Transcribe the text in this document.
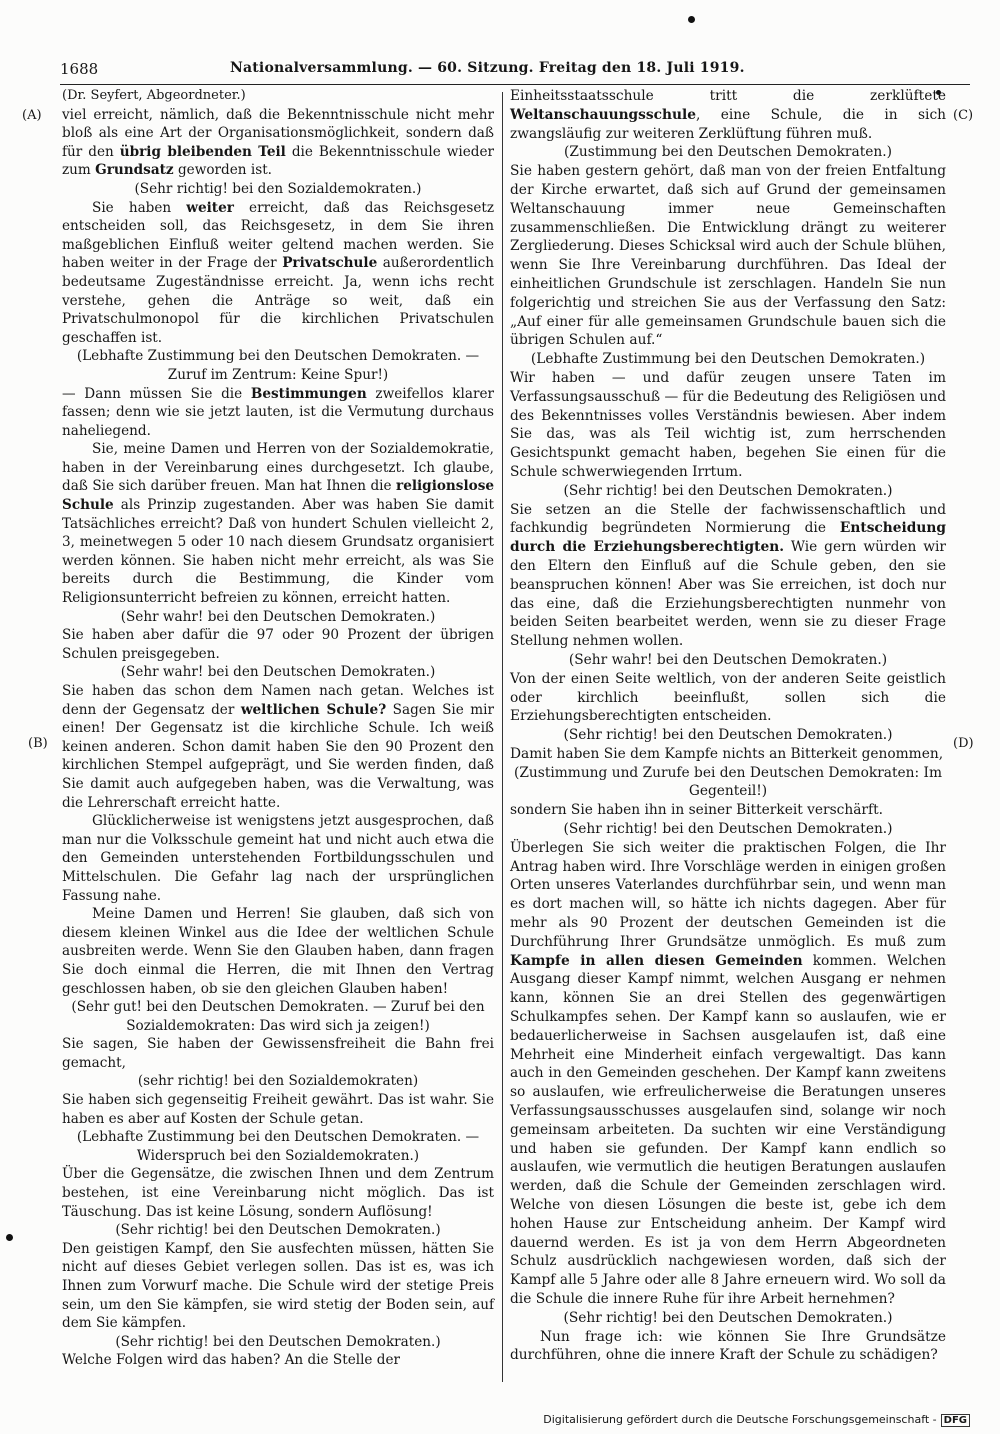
1688	Nationalversammlung. — 60. Sitzung. Freitag den 18. Juli 1919.
(A)
(B)
(C)
(D)

(Dr. Seyfert, Abgeordneter.)

viel erreicht, nämlich, daß die Bekenntnisschule nicht mehr bloß als eine Art der Organisationsmöglichkeit, sondern daß für den übrig bleibenden Teil die Bekenntnisschule wieder zum Grundsatz geworden ist.

(Sehr richtig! bei den Sozialdemokraten.)

Sie haben weiter erreicht, daß das Reichsgesetz entscheiden soll, das Reichsgesetz, in dem Sie ihren maßgeblichen Einfluß weiter geltend machen werden. Sie haben weiter in der Frage der Privatschule außerordentlich bedeutsame Zugeständnisse erreicht. Ja, wenn ichs recht verstehe, gehen die Anträge so weit, daß ein Privatschulmonopol für die kirchlichen Privatschulen geschaffen ist.

(Lebhafte Zustimmung bei den Deutschen Demokraten. — Zuruf im Zentrum: Keine Spur!)

— Dann müssen Sie die Bestimmungen zweifellos klarer fassen; denn wie sie jetzt lauten, ist die Vermutung durchaus naheliegend.

Sie, meine Damen und Herren von der Sozialdemokratie, haben in der Vereinbarung eines durchgesetzt. Ich glaube, daß Sie sich darüber freuen. Man hat Ihnen die religionslose Schule als Prinzip zugestanden. Aber was haben Sie damit Tatsächliches erreicht? Daß von hundert Schulen vielleicht 2, 3, meinetwegen 5 oder 10 nach diesem Grundsatz organisiert werden können. Sie haben nicht mehr erreicht, als was Sie bereits durch die Bestimmung, die Kinder vom Religionsunterricht befreien zu können, erreicht hatten.

(Sehr wahr! bei den Deutschen Demokraten.)

Sie haben aber dafür die 97 oder 90 Prozent der übrigen Schulen preisgegeben.

(Sehr wahr! bei den Deutschen Demokraten.)

Sie haben das schon dem Namen nach getan. Welches ist denn der Gegensatz der weltlichen Schule? Sagen Sie mir einen! Der Gegensatz ist die kirchliche Schule. Ich weiß keinen anderen. Schon damit haben Sie den 90 Prozent den kirchlichen Stempel aufgeprägt, und Sie werden finden, daß Sie damit auch aufgegeben haben, was die Verwaltung, was die Lehrerschaft erreicht hatte.

Glücklicherweise ist wenigstens jetzt ausgesprochen, daß man nur die Volksschule gemeint hat und nicht auch etwa die den Gemeinden unterstehenden Fortbildungsschulen und Mittelschulen. Die Gefahr lag nach der ursprünglichen Fassung nahe.

Meine Damen und Herren! Sie glauben, daß sich von diesem kleinen Winkel aus die Idee der weltlichen Schule ausbreiten werde. Wenn Sie den Glauben haben, dann fragen Sie doch einmal die Herren, die mit Ihnen den Vertrag geschlossen haben, ob sie den gleichen Glauben haben!

(Sehr gut! bei den Deutschen Demokraten. — Zuruf bei den Sozialdemokraten: Das wird sich ja zeigen!)

Sie sagen, Sie haben der Gewissensfreiheit die Bahn frei gemacht,

(sehr richtig! bei den Sozialdemokraten)

Sie haben sich gegenseitig Freiheit gewährt. Das ist wahr. Sie haben es aber auf Kosten der Schule getan.

(Lebhafte Zustimmung bei den Deutschen Demokraten. — Widerspruch bei den Sozialdemokraten.)

Über die Gegensätze, die zwischen Ihnen und dem Zentrum bestehen, ist eine Vereinbarung nicht möglich. Das ist Täuschung. Das ist keine Lösung, sondern Auflösung!

(Sehr richtig! bei den Deutschen Demokraten.)

Den geistigen Kampf, den Sie ausfechten müssen, hätten Sie nicht auf dieses Gebiet verlegen sollen. Das ist es, was ich Ihnen zum Vorwurf mache. Die Schule wird der stetige Preis sein, um den Sie kämpfen, sie wird stetig der Boden sein, auf dem Sie kämpfen.

(Sehr richtig! bei den Deutschen Demokraten.)

Welche Folgen wird das haben? An die Stelle der

Einheitsstaatsschule tritt die zerklüftete Weltanschauungsschule, eine Schule, die in sich zwangsläufig zur weiteren Zerklüftung führen muß.

(Zustimmung bei den Deutschen Demokraten.)

Sie haben gestern gehört, daß man von der freien Entfaltung der Kirche erwartet, daß sich auf Grund der gemeinsamen Weltanschauung immer neue Gemeinschaften zusammenschließen. Die Entwicklung drängt zu weiterer Zergliederung. Dieses Schicksal wird auch der Schule blühen, wenn Sie Ihre Vereinbarung durchführen. Das Ideal der einheitlichen Grundschule ist zerschlagen. Handeln Sie nun folgerichtig und streichen Sie aus der Verfassung den Satz: „Auf einer für alle gemeinsamen Grundschule bauen sich die übrigen Schulen auf.“

(Lebhafte Zustimmung bei den Deutschen Demokraten.)

Wir haben — und dafür zeugen unsere Taten im Verfassungsausschuß — für die Bedeutung des Religiösen und des Bekenntnisses volles Verständnis bewiesen. Aber indem Sie das, was als Teil wichtig ist, zum herrschenden Gesichtspunkt gemacht haben, begehen Sie einen für die Schule schwerwiegenden Irrtum.

(Sehr richtig! bei den Deutschen Demokraten.)

Sie setzen an die Stelle der fachwissenschaftlich und fachkundig begründeten Normierung die Entscheidung durch die Erziehungsberechtigten. Wie gern würden wir den Eltern den Einfluß auf die Schule geben, den sie beanspruchen können! Aber was Sie erreichen, ist doch nur das eine, daß die Erziehungsberechtigten nunmehr von beiden Seiten bearbeitet werden, wenn sie zu dieser Frage Stellung nehmen wollen.

(Sehr wahr! bei den Deutschen Demokraten.)

Von der einen Seite weltlich, von der anderen Seite geistlich oder kirchlich beeinflußt, sollen sich die Erziehungsberechtigten entscheiden.

(Sehr richtig! bei den Deutschen Demokraten.)

Damit haben Sie dem Kampfe nichts an Bitterkeit genommen,

(Zustimmung und Zurufe bei den Deutschen Demokraten: Im Gegenteil!)

sondern Sie haben ihn in seiner Bitterkeit verschärft.

(Sehr richtig! bei den Deutschen Demokraten.)

Überlegen Sie sich weiter die praktischen Folgen, die Ihr Antrag haben wird. Ihre Vorschläge werden in einigen großen Orten unseres Vaterlandes durchführbar sein, und wenn man es dort machen will, so hätte ich nichts dagegen. Aber für mehr als 90 Prozent der deutschen Gemeinden ist die Durchführung Ihrer Grundsätze unmöglich. Es muß zum Kampfe in allen diesen Gemeinden kommen. Welchen Ausgang dieser Kampf nimmt, welchen Ausgang er nehmen kann, können Sie an drei Stellen des gegenwärtigen Schulkampfes sehen. Der Kampf kann so auslaufen, wie er bedauerlicherweise in Sachsen ausgelaufen ist, daß eine Mehrheit eine Minderheit einfach vergewaltigt. Das kann auch in den Gemeinden geschehen. Der Kampf kann zweitens so auslaufen, wie erfreulicherweise die Beratungen unseres Verfassungsausschusses ausgelaufen sind, solange wir noch gemeinsam arbeiteten. Da suchten wir eine Verständigung und haben sie gefunden. Der Kampf kann endlich so auslaufen, wie vermutlich die heutigen Beratungen auslaufen werden, daß die Schule der Gemeinden zerschlagen wird. Welche von diesen Lösungen die beste ist, gebe ich dem hohen Hause zur Entscheidung anheim. Der Kampf wird dauernd werden. Es ist ja von dem Herrn Abgeordneten Schulz ausdrücklich nachgewiesen worden, daß sich der Kampf alle 5 Jahre oder alle 8 Jahre erneuern wird. Wo soll da die Schule die innere Ruhe für ihre Arbeit hernehmen?

(Sehr richtig! bei den Deutschen Demokraten.)

Nun frage ich: wie können Sie Ihre Grundsätze durchführen, ohne die innere Kraft der Schule zu schädigen?

Digitalisierung gefördert durch die Deutsche Forschungsgemeinschaft - DFG
